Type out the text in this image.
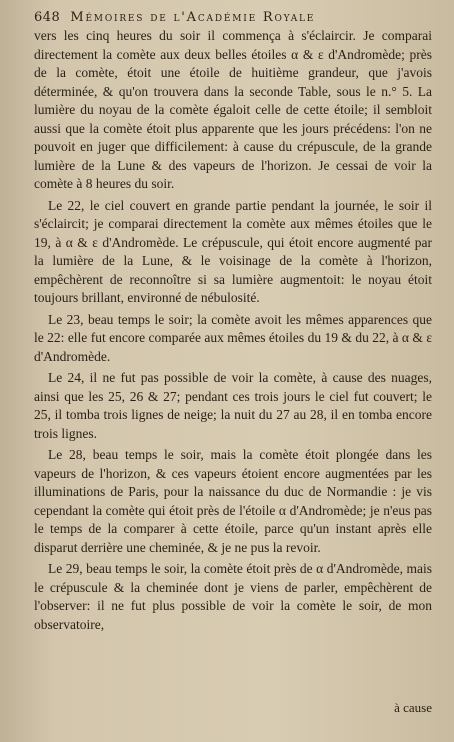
648 Mémoires de l'Académie Royale

vers les cinq heures du soir il commença à s'éclaircir. Je comparai directement la comète aux deux belles étoiles α & ε d'Andromède; près de la comète, étoit une étoile de huitième grandeur, que j'avois déterminée, & qu'on trouvera dans la seconde Table, sous le n.° 5. La lumière du noyau de la comète égaloit celle de cette étoile; il sembloit aussi que la comète étoit plus apparente que les jours précédens: l'on ne pouvoit en juger que difficilement: à cause du crépuscule, de la grande lumière de la Lune & des vapeurs de l'horizon. Je cessai de voir la comète à 8 heures du soir.

Le 22, le ciel couvert en grande partie pendant la journée, le soir il s'éclaircit; je comparai directement la comète aux mêmes étoiles que le 19, à α & ε d'Andromède. Le crépuscule, qui étoit encore augmenté par la lumière de la Lune, & le voisinage de la comète à l'horizon, empêchèrent de reconnoître si sa lumière augmentoit: le noyau étoit toujours brillant, environné de nébulosité.

Le 23, beau temps le soir; la comète avoit les mêmes apparences que le 22: elle fut encore comparée aux mêmes étoiles du 19 & du 22, à α & ε d'Andromède.

Le 24, il ne fut pas possible de voir la comète, à cause des nuages, ainsi que les 25, 26 & 27; pendant ces trois jours le ciel fut couvert; le 25, il tomba trois lignes de neige; la nuit du 27 au 28, il en tomba encore trois lignes.

Le 28, beau temps le soir, mais la comète étoit plongée dans les vapeurs de l'horizon, & ces vapeurs étoient encore augmentées par les illuminations de Paris, pour la naissance du duc de Normandie : je vis cependant la comète qui étoit près de l'étoile α d'Andromède; je n'eus pas le temps de la comparer à cette étoile, parce qu'un instant après elle disparut derrière une cheminée, & je ne pus la revoir.

Le 29, beau temps le soir, la comète étoit près de α d'Andromède, mais le crépuscule & la cheminée dont je viens de parler, empêchèrent de l'observer: il ne fut plus possible de voir la comète le soir, de mon observatoire,

à cause
